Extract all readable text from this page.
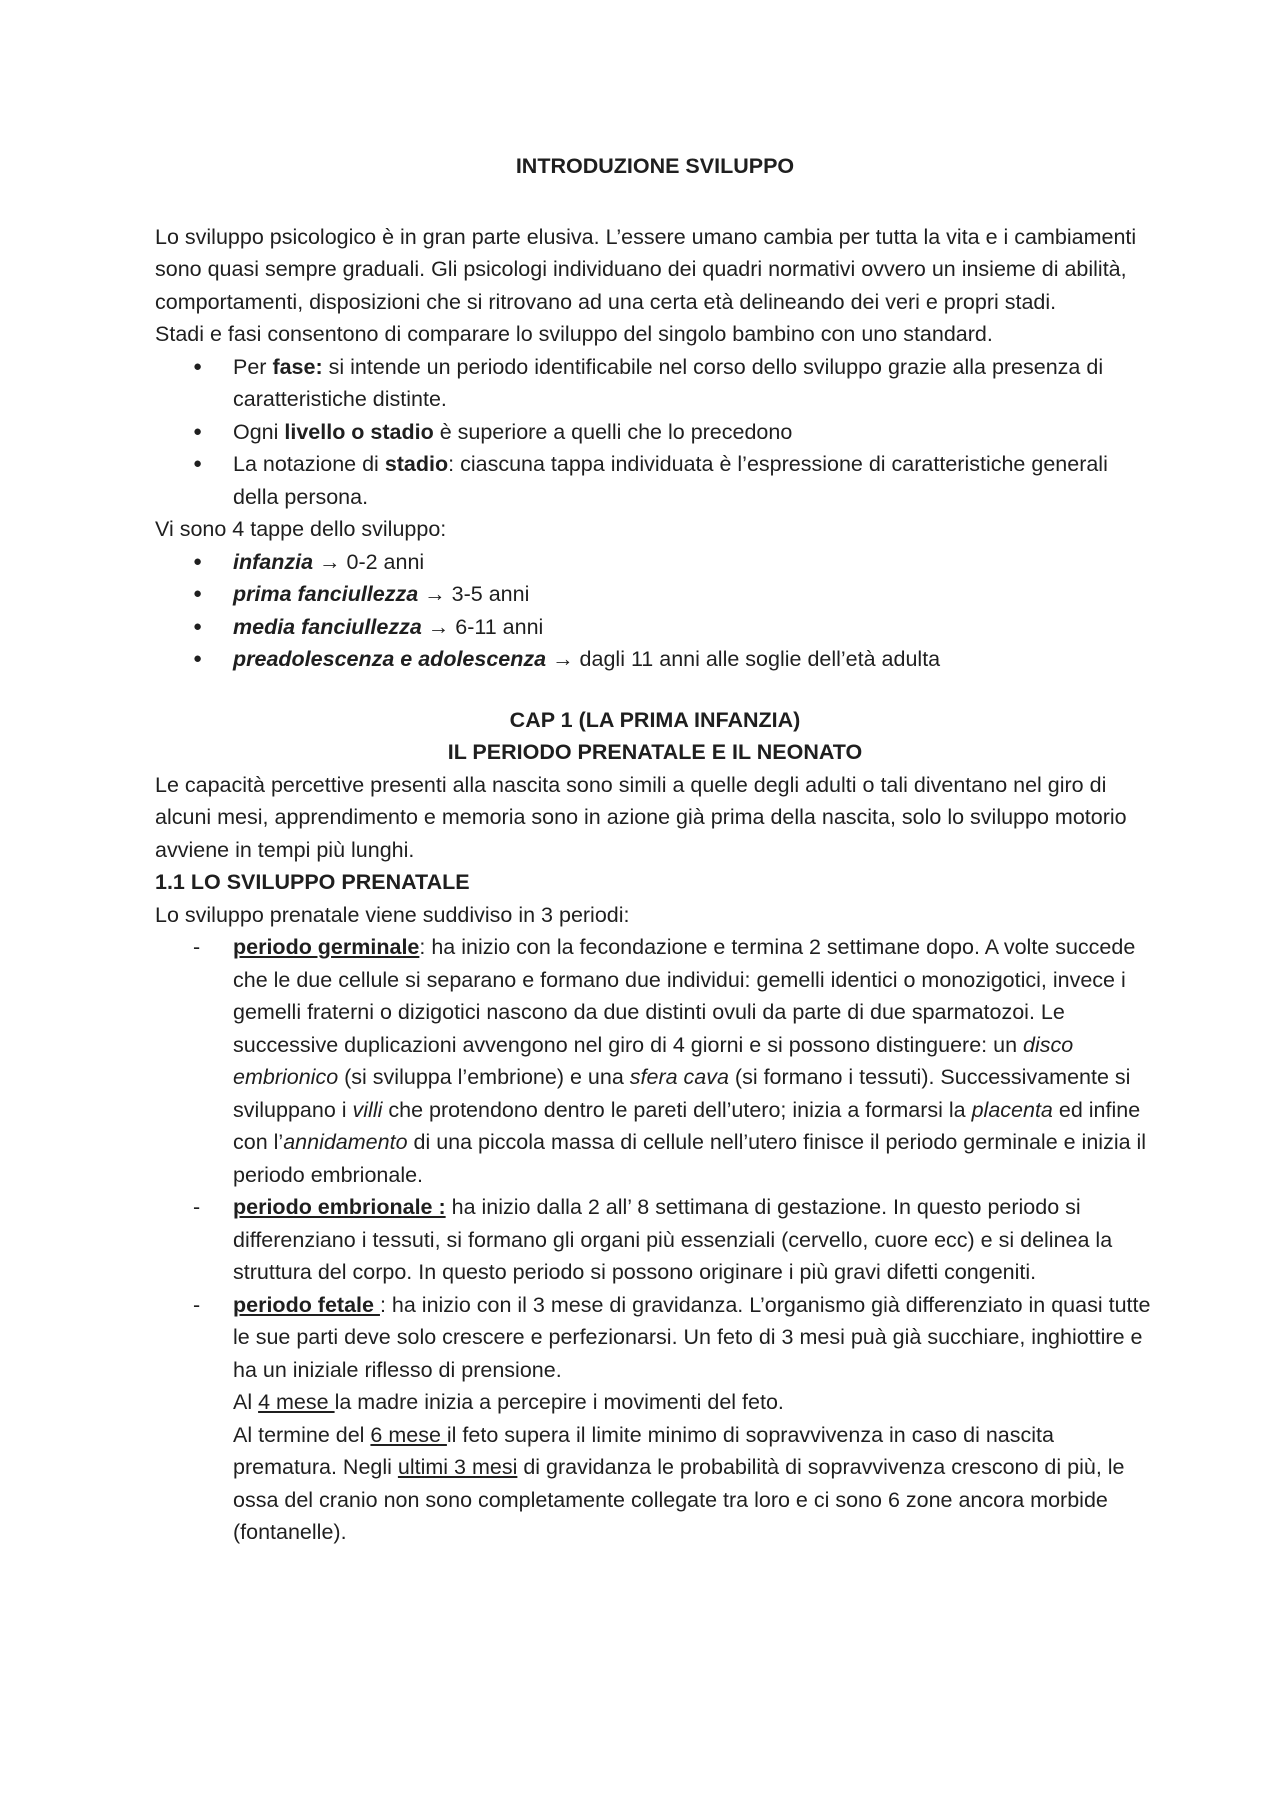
INTRODUZIONE SVILUPPO

Lo sviluppo psicologico è in gran parte elusiva. L’essere umano cambia per tutta la vita e i cambiamenti sono quasi sempre graduali. Gli psicologi individuano dei quadri normativi ovvero un insieme di abilità, comportamenti, disposizioni che si ritrovano ad una certa età delineando dei veri e propri stadi.

Stadi e fasi consentono di comparare lo sviluppo del singolo bambino con uno standard.

● Per fase: si intende un periodo identificabile nel corso dello sviluppo grazie alla presenza di caratteristiche distinte.
● Ogni livello o stadio è superiore a quelli che lo precedono
● La notazione di stadio: ciascuna tappa individuata è l’espressione di caratteristiche generali della persona.

Vi sono 4 tappe dello sviluppo:

● infanzia → 0-2 anni
● prima fanciullezza → 3-5 anni
● media fanciullezza → 6-11 anni
● preadolescenza e adolescenza → dagli 11 anni alle soglie dell’età adulta
CAP 1 (LA PRIMA INFANZIA)
IL PERIODO PRENATALE E IL NEONATO

Le capacità percettive presenti alla nascita sono simili a quelle degli adulti o tali diventano nel giro di alcuni mesi, apprendimento e memoria sono in azione già prima della nascita, solo lo sviluppo motorio avviene in tempi più lunghi.

1.1 LO SVILUPPO PRENATALE

Lo sviluppo prenatale viene suddiviso in 3 periodi:

- periodo germinale: ha inizio con la fecondazione e termina 2 settimane dopo. A volte succede che le due cellule si separano e formano due individui: gemelli identici o monozigotici, invece i gemelli fraterni o dizigotici nascono da due distinti ovuli da parte di due sparmatozoi. Le successive duplicazioni avvengono nel giro di 4 giorni e si possono distinguere: un disco embrionico (si sviluppa l’embrione) e una sfera cava (si formano i tessuti). Successivamente si sviluppano i villi che protendono dentro le pareti dell’utero; inizia a formarsi la placenta ed infine con l’annidamento di una piccola massa di cellule nell’utero finisce il periodo germinale e inizia il periodo embrionale.
- periodo embrionale : ha inizio dalla 2 all’ 8 settimana di gestazione. In questo periodo si differenziano i tessuti, si formano gli organi più essenziali (cervello, cuore ecc) e si delinea la struttura del corpo. In questo periodo si possono originare i più gravi difetti congeniti.
- periodo fetale : ha inizio con il 3 mese di gravidanza. L’organismo già differenziato in quasi tutte le sue parti deve solo crescere e perfezionarsi. Un feto di 3 mesi puà già succhiare, inghiottire e ha un iniziale riflesso di prensione.

Al 4 mese la madre inizia a percepire i movimenti del feto.

Al termine del 6 mese il feto supera il limite minimo di sopravvivenza in caso di nascita prematura. Negli ultimi 3 mesi di gravidanza le probabilità di sopravvivenza crescono di più, le ossa del cranio non sono completamente collegate tra loro e ci sono 6 zone ancora morbide (fontanelle).
